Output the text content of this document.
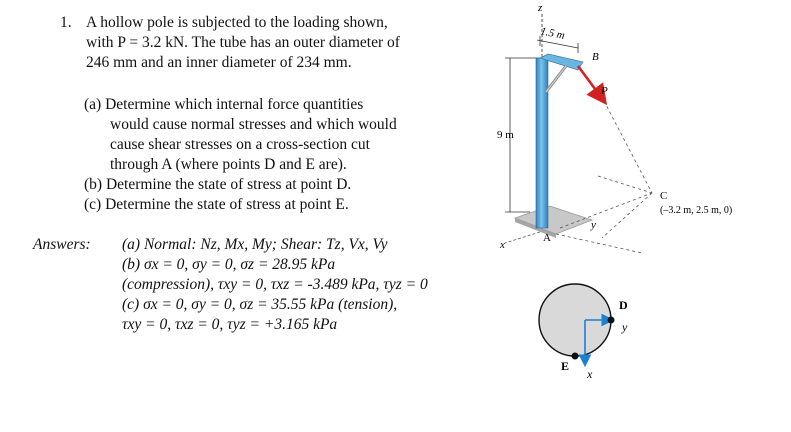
1. A hollow pole is subjected to the loading shown,
with P = 3.2 kN. The tube has an outer diameter of
246 mm and an inner diameter of 234 mm.
(a) Determine which internal force quantities
would cause normal stresses and which would
cause shear stresses on a cross-section cut
through A (where points D and E are).
(b) Determine the state of stress at point D.
(c) Determine the state of stress at point E.
Answers: (a) Normal: Nz, Mx, My; Shear: Tz, Vx, Vy
(b) σx = 0, σy = 0, σz = 28.95 kPa
(compression), τxy = 0, τxz = -3.489 kPa, τyz = 0
(c) σx = 0, σy = 0, σz = 35.55 kPa (tension),
τxy = 0, τxz = 0, τyz = +3.165 kPa
z
1.5 m
9 m
B
P
C
(–3.2 m, 2.5 m, 0)
x
y
A
D
y
E
x
